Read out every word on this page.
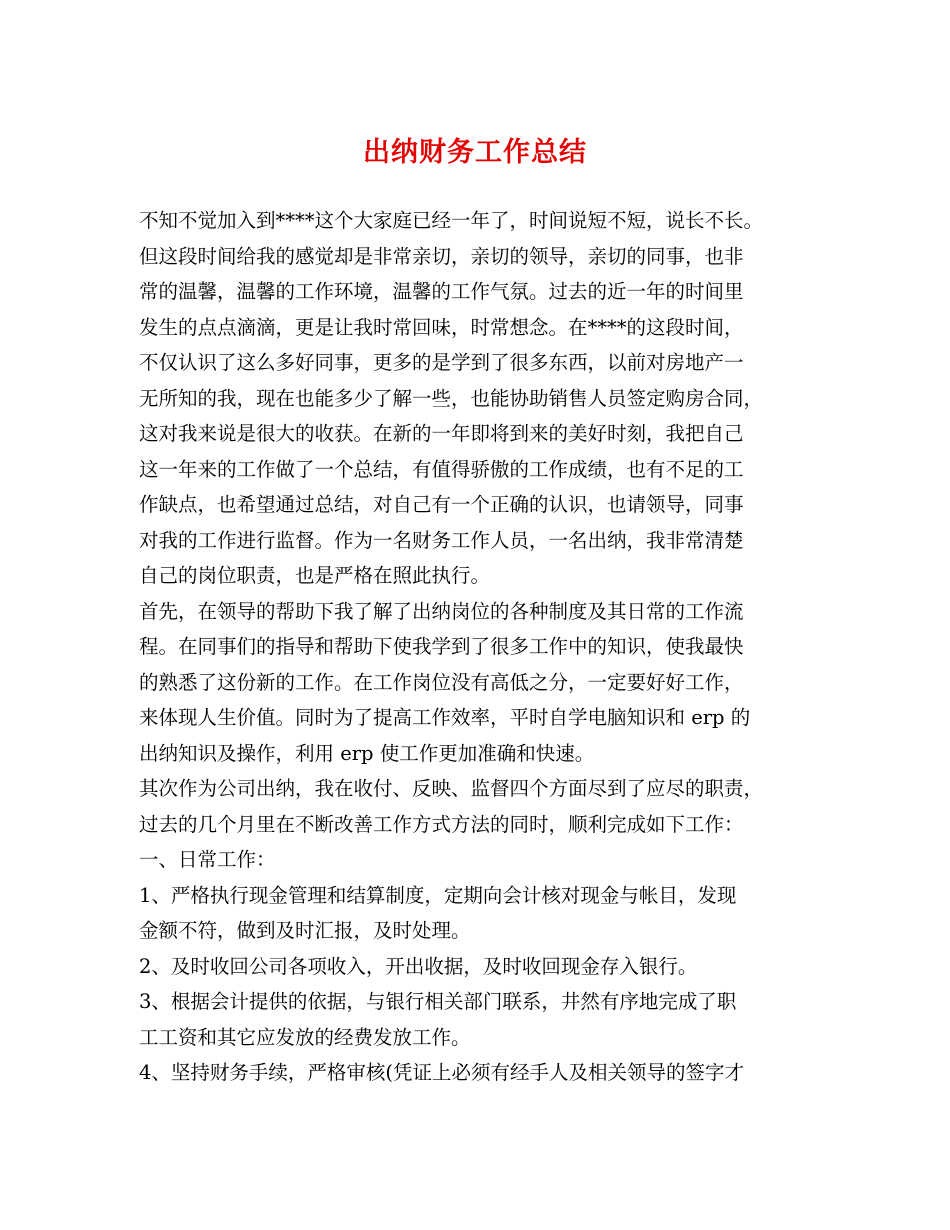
出纳财务工作总结
不知不觉加入到****这个大家庭已经一年了，时间说短不短，说长不长。
但这段时间给我的感觉却是非常亲切，亲切的领导，亲切的同事，也非
常的温馨，温馨的工作环境，温馨的工作气氛。过去的近一年的时间里
发生的点点滴滴，更是让我时常回味，时常想念。在****的这段时间，
不仅认识了这么多好同事，更多的是学到了很多东西，以前对房地产一
无所知的我，现在也能多少了解一些，也能协助销售人员签定购房合同，
这对我来说是很大的收获。在新的一年即将到来的美好时刻，我把自己
这一年来的工作做了一个总结，有值得骄傲的工作成绩，也有不足的工
作缺点，也希望通过总结，对自己有一个正确的认识，也请领导，同事
对我的工作进行监督。作为一名财务工作人员，一名出纳，我非常清楚
自己的岗位职责，也是严格在照此执行。
首先，在领导的帮助下我了解了出纳岗位的各种制度及其日常的工作流
程。在同事们的指导和帮助下使我学到了很多工作中的知识，使我最快
的熟悉了这份新的工作。在工作岗位没有高低之分，一定要好好工作，
来体现人生价值。同时为了提高工作效率，平时自学电脑知识和 erp 的
出纳知识及操作，利用 erp 使工作更加准确和快速。
其次作为公司出纳，我在收付、反映、监督四个方面尽到了应尽的职责，
过去的几个月里在不断改善工作方式方法的同时，顺利完成如下工作：
一、日常工作：
1、严格执行现金管理和结算制度，定期向会计核对现金与帐目，发现
金额不符，做到及时汇报，及时处理。
2、及时收回公司各项收入，开出收据，及时收回现金存入银行。
3、根据会计提供的依据，与银行相关部门联系，井然有序地完成了职
工工资和其它应发放的经费发放工作。
4、坚持财务手续，严格审核(凭证上必须有经手人及相关领导的签字才
